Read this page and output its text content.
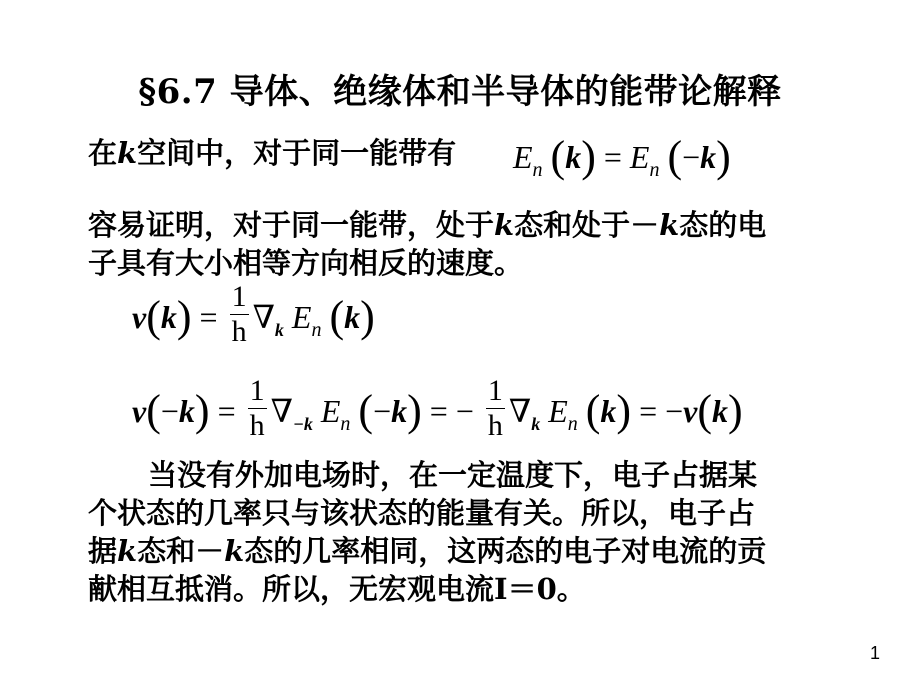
§6.7 导体、绝缘体和半导体的能带论解释
在k空间中，对于同一能带有 $E_n$ $(k) = E_n$ (−k)
容易证明，对于同一能带，处于k态和处于－k态的电
子具有大小相等方向相反的速度。
$v(k) = \frac{1}{h} \nabla_k$ $E_n$ (k)
$v(-k) = \frac{1}{h} \nabla_{-k}$ $E_n$ (−k) = − $\frac{1}{h} \nabla_k$ $E_n$ (k) = −v(k)
当没有外加电场时，在一定温度下，电子占据某
个状态的几率只与该状态的能量有关。所以，电子占
据k态和－k态的几率相同，这两态的电子对电流的贡
献相互抵消。所以，无宏观电流I＝0。
1
